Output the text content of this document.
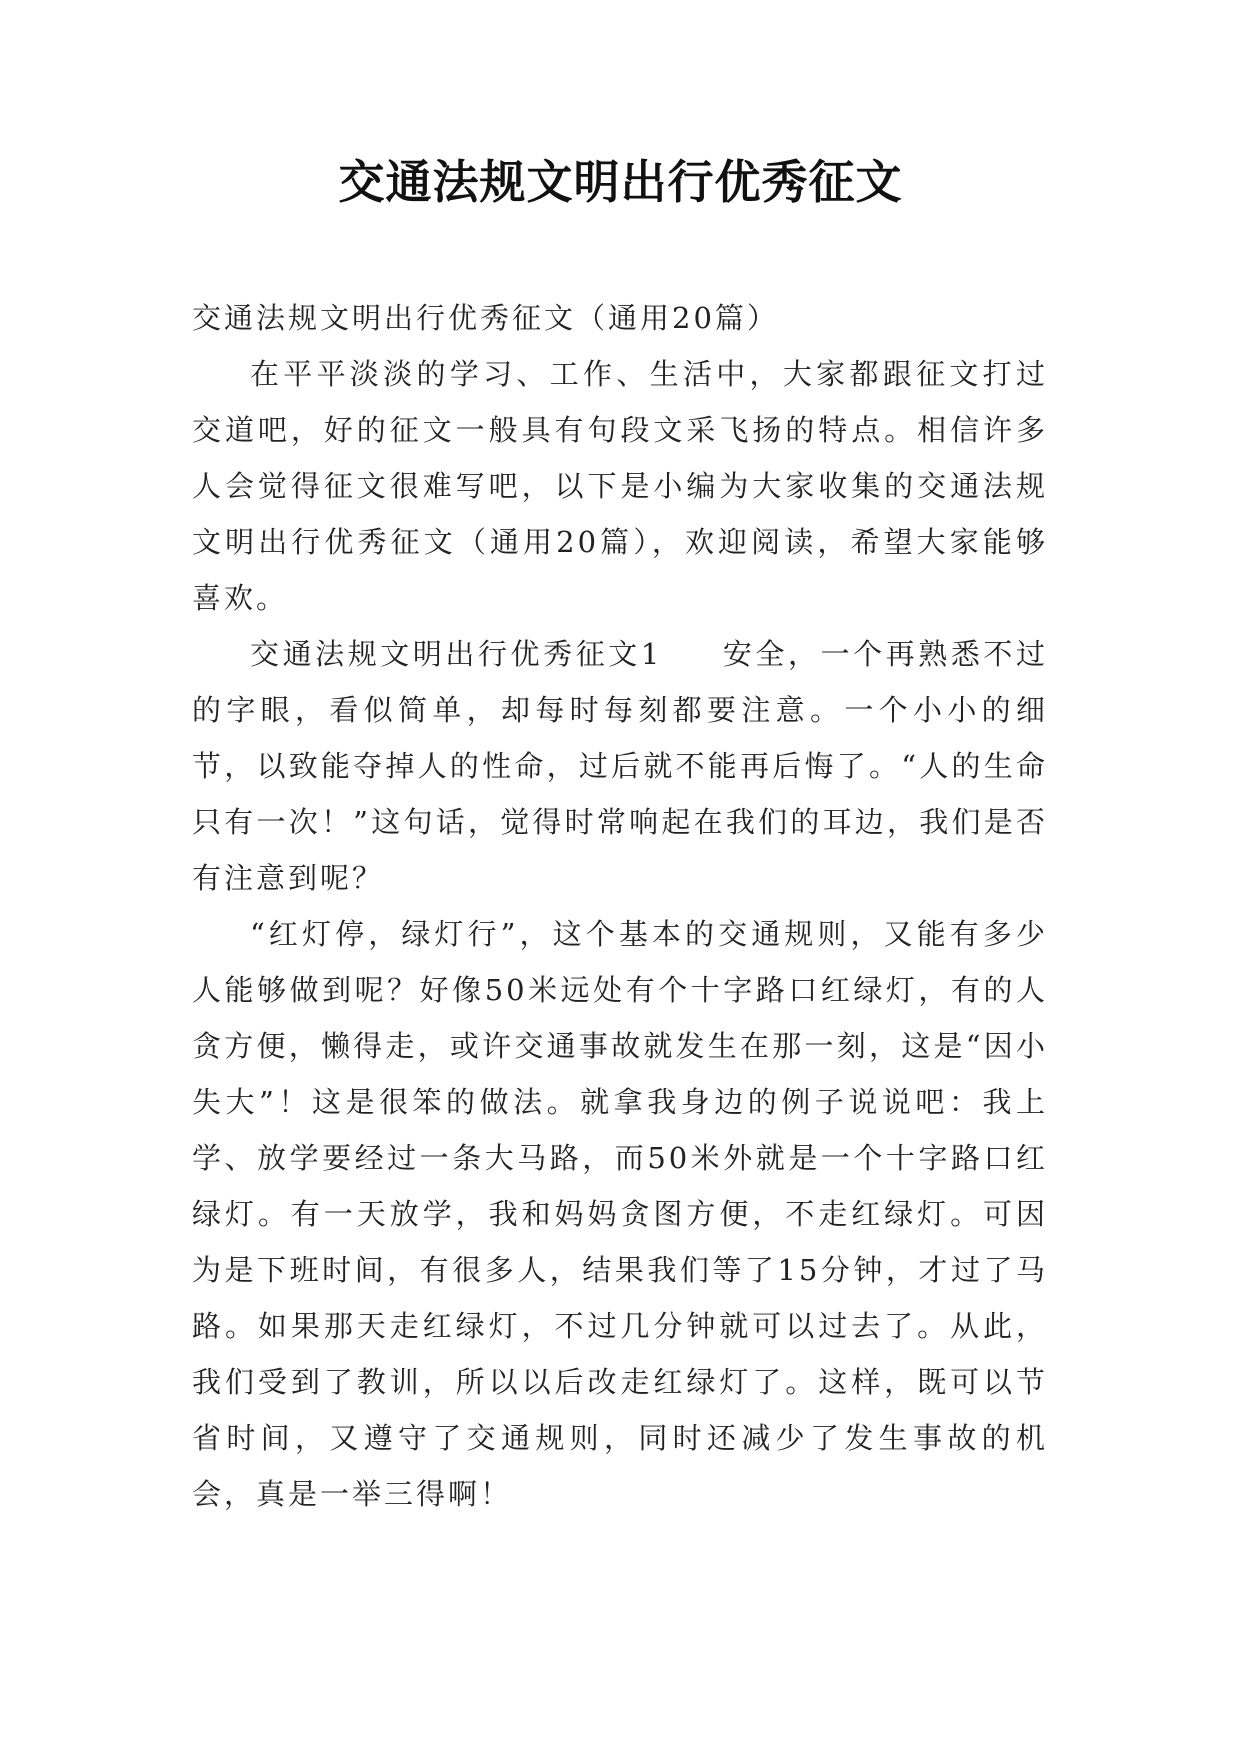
交通法规文明出行优秀征文

交通法规文明出行优秀征文（通用20篇）

在平平淡淡的学习、工作、生活中，大家都跟征文打过交道吧，好的征文一般具有句段文采飞扬的特点。相信许多人会觉得征文很难写吧，以下是小编为大家收集的交通法规文明出行优秀征文（通用20篇），欢迎阅读，希望大家能够喜欢。

交通法规文明出行优秀征文1 安全，一个再熟悉不过的字眼，看似简单，却每时每刻都要注意。一个小小的细节，以致能夺掉人的性命，过后就不能再后悔了。“人的生命只有一次！”这句话，觉得时常响起在我们的耳边，我们是否有注意到呢？

“红灯停，绿灯行”，这个基本的交通规则，又能有多少人能够做到呢？好像50米远处有个十字路口红绿灯，有的人贪方便，懒得走，或许交通事故就发生在那一刻，这是“因小失大”！这是很笨的做法。就拿我身边的例子说说吧：我上学、放学要经过一条大马路，而50米外就是一个十字路口红绿灯。有一天放学，我和妈妈贪图方便，不走红绿灯。可因为是下班时间，有很多人，结果我们等了15分钟，才过了马路。如果那天走红绿灯，不过几分钟就可以过去了。从此，我们受到了教训，所以以后改走红绿灯了。这样，既可以节省时间，又遵守了交通规则，同时还减少了发生事故的机会，真是一举三得啊！
